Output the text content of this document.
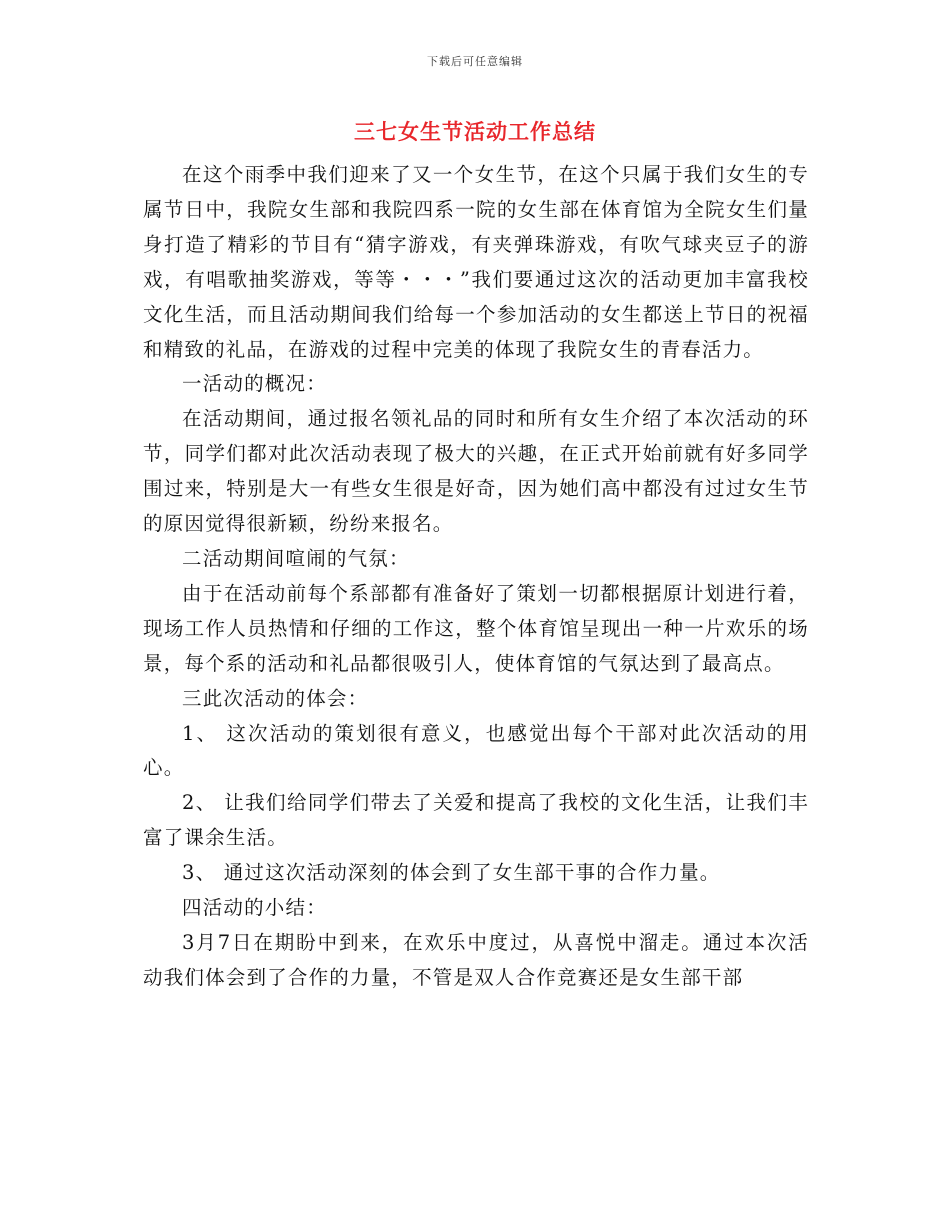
下载后可任意编辑
三七女生节活动工作总结

在这个雨季中我们迎来了又一个女生节，在这个只属于我们女生的专属节日中，我院女生部和我院四系一院的女生部在体育馆为全院女生们量身打造了精彩的节目有“猜字游戏，有夹弹珠游戏，有吹气球夹豆子的游戏，有唱歌抽奖游戏，等等・・・”我们要通过这次的活动更加丰富我校文化生活，而且活动期间我们给每一个参加活动的女生都送上节日的祝福和精致的礼品，在游戏的过程中完美的体现了我院女生的青春活力。

一活动的概况：

在活动期间，通过报名领礼品的同时和所有女生介绍了本次活动的环节，同学们都对此次活动表现了极大的兴趣，在正式开始前就有好多同学围过来，特别是大一有些女生很是好奇，因为她们高中都没有过过女生节的原因觉得很新颖，纷纷来报名。

二活动期间喧闹的气氛：

由于在活动前每个系部都有准备好了策划一切都根据原计划进行着，现场工作人员热情和仔细的工作这，整个体育馆呈现出一种一片欢乐的场景，每个系的活动和礼品都很吸引人，使体育馆的气氛达到了最高点。

三此次活动的体会：

1、 这次活动的策划很有意义，也感觉出每个干部对此次活动的用心。

2、 让我们给同学们带去了关爱和提高了我校的文化生活，让我们丰富了课余生活。

3、 通过这次活动深刻的体会到了女生部干事的合作力量。

四活动的小结：

3月7日在期盼中到来，在欢乐中度过，从喜悦中溜走。通过本次活动我们体会到了合作的力量，不管是双人合作竞赛还是女生部干部
